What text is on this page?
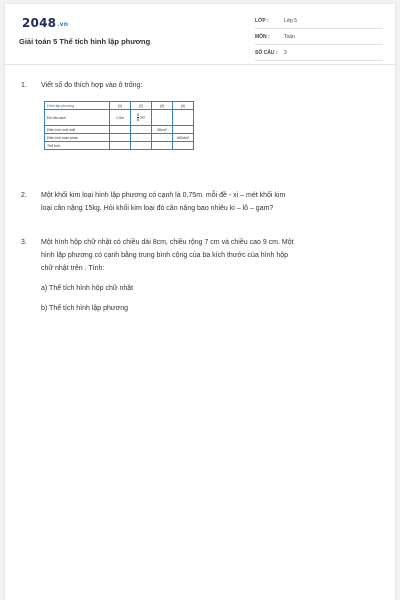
2048.vn
Giải toán 5 Thể tích hình lập phương
LỚP :	Lớp 5
MÔN :	Toán
SỐ CÂU : 3
1. Viết số đo thích hợp vào ô trống:
Hình lập phương	(1)	(2)	(3)	(4)
Độ dài cạnh	1,5m	$\frac{5}{8}$ dm		
Diện tích một mặt			36cm²	
Diện tích toàn phần				600dm²
Thể tích				
2. Một khối kim loại hình lập phương có cạnh là 0,75m. mỗi đề - xi – mét khối kim
loại cân nặng 15kg. Hỏi khối kim loại đó cân nặng bao nhiêu ki – lô – gam?
3. Một hình hộp chữ nhật có chiều dài 8cm, chiều rộng 7 cm và chiều cao 9 cm. Một
hình lập phương có cạnh bằng trung bình cộng của ba kích thước của hình hộp
chữ nhật trên . Tính:
a) Thể tích hình hộp chữ nhật
b) Thể tích hình lập phương
